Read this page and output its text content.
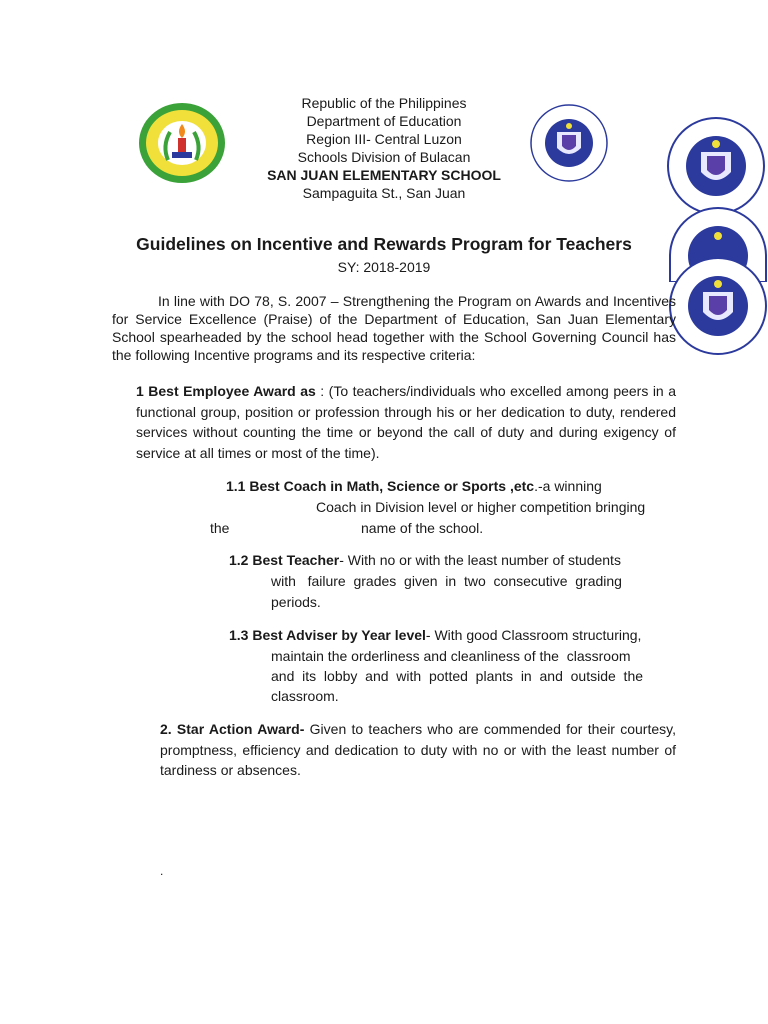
Republic of the Philippines
Department of Education
Region III- Central Luzon
Schools Division of Bulacan
SAN JUAN ELEMENTARY SCHOOL
Sampaguita St., San Juan
Guidelines on Incentive and Rewards Program for Teachers
SY: 2018-2019
In line with DO 78, S. 2007 – Strengthening the Program on Awards and Incentives for Service Excellence (Praise) of the Department of Education, San Juan Elementary School spearheaded by the school head together with the School Governing Council has the following Incentive programs and its respective criteria:
1 Best Employee Award as : (To teachers/individuals who excelled among peers in a functional group, position or profession through his or her dedication to duty, rendered services without counting the time or beyond the call of duty and during exigency of service at all times or most of the time).
1.1 Best Coach in Math, Science or Sports ,etc.-a winning
Coach in Division level or higher competition bringing
the	name of the school.
1.2 Best Teacher- With no or with the least number of students
with   failure  grades  given  in  two  consecutive  grading
periods.
1.3 Best Adviser by Year level- With good Classroom structuring,
maintain the orderliness and cleanliness of the  classroom
and  its  lobby  and  with  potted  plants  in  and  outside  the
classroom.
2. Star Action Award- Given to teachers who are commended for their courtesy, promptness, efficiency and dedication to duty with no or with the least number of tardiness or absences.
.
